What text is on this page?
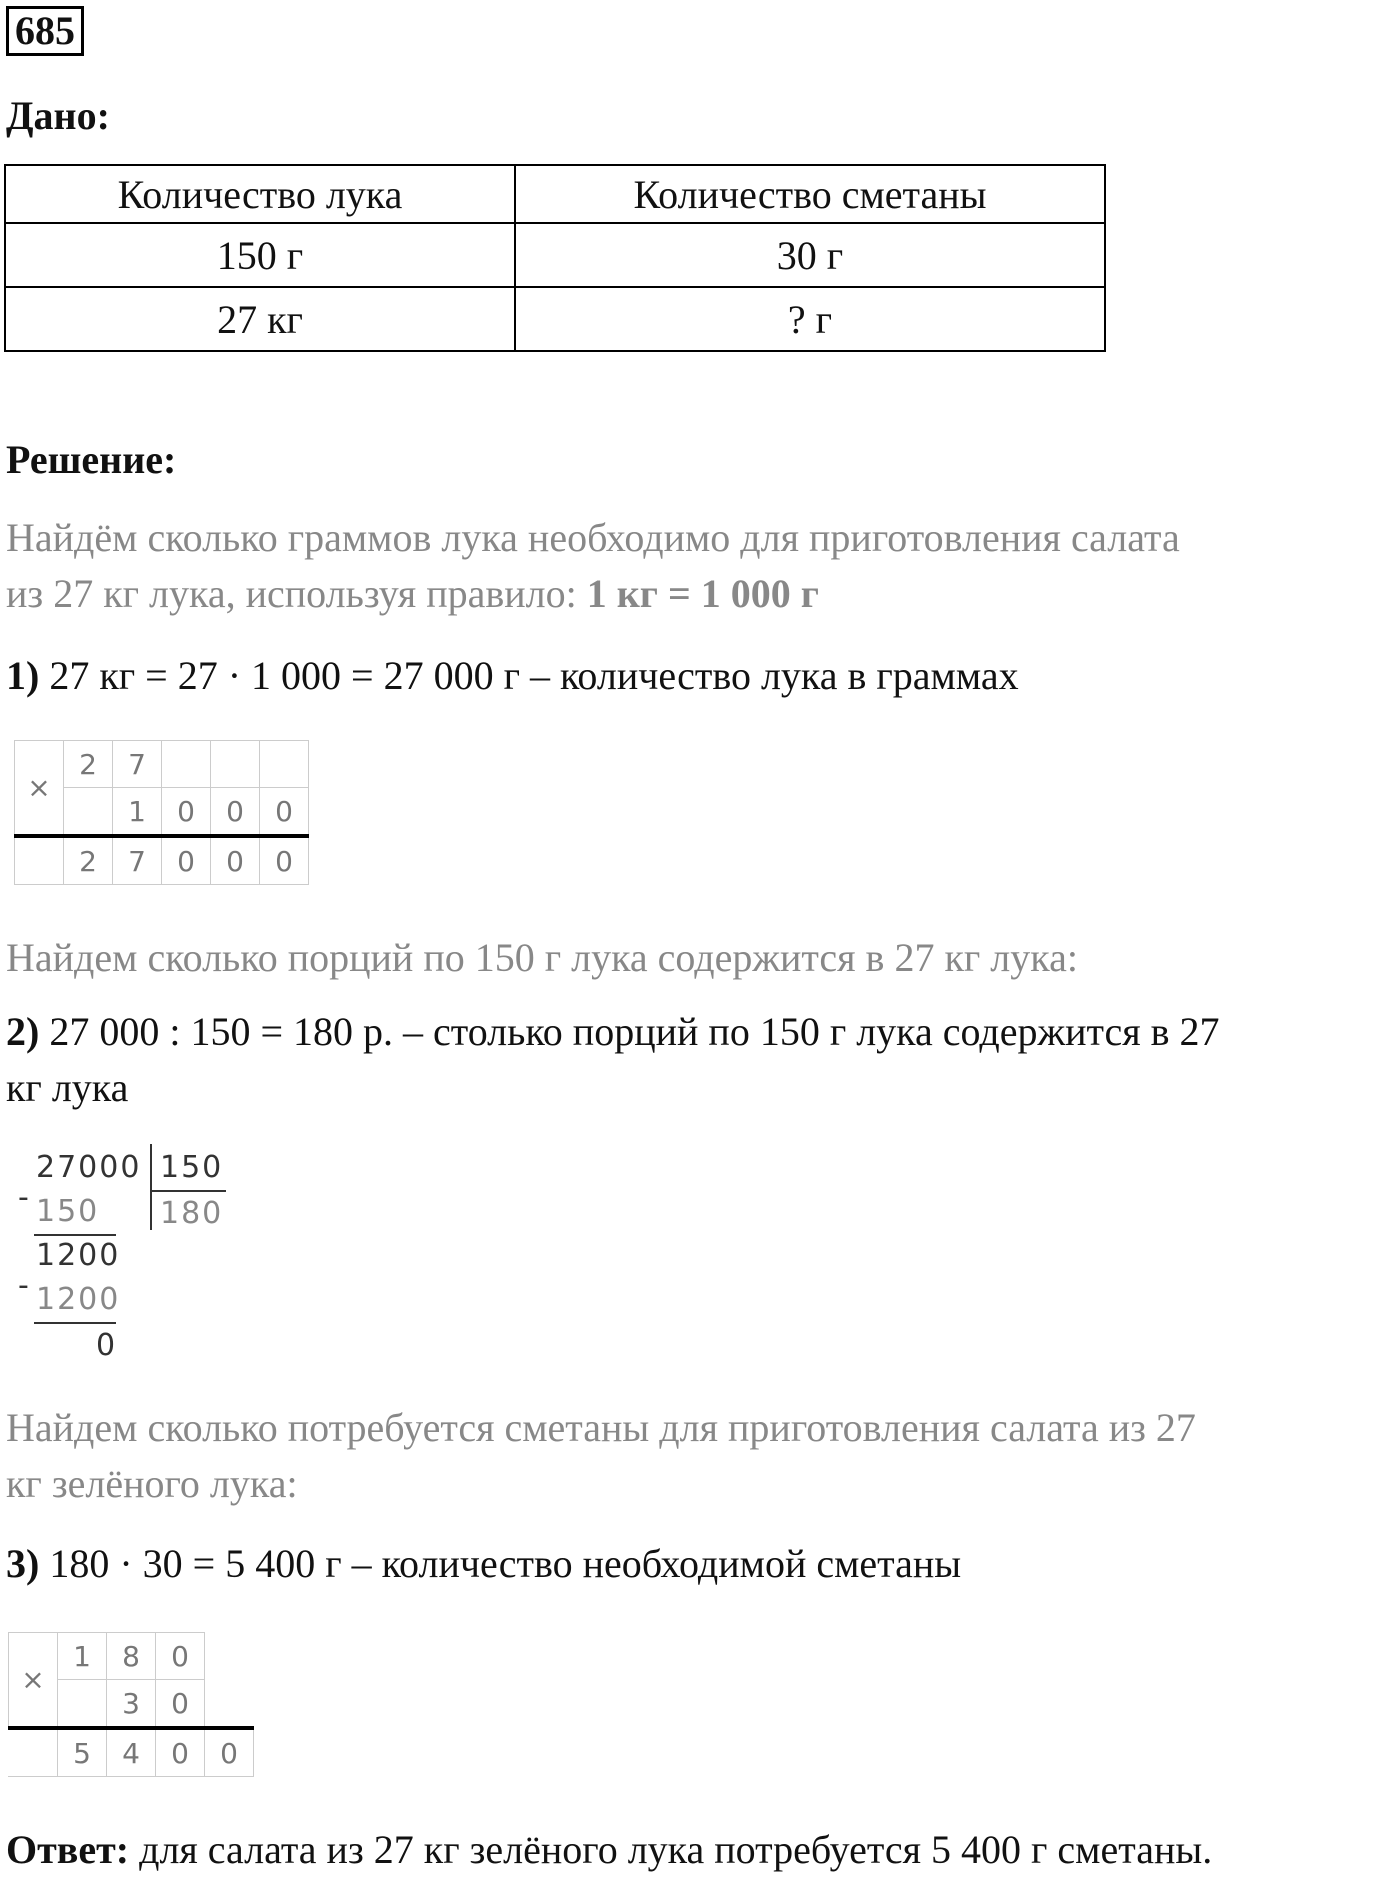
685
Дано:
Количество лука	Количество сметаны
150 г	30 г
27 кг	? г
Решение:
Найдём сколько граммов лука необходимо для приготовления салата
из 27 кг лука, используя правило: 1 кг = 1 000 г
1) 27 кг = 27 · 1 000 = 27 000 г – количество лука в граммах
×	2	7			
		1	0	0	0
	2	7	0	0	0
Найдем сколько порций по 150 г лука содержится в 27 кг лука:
2) 27 000 : 150 = 180 р. – столько порций по 150 г лука содержится в 27
кг лука
27000 150
180
- 150
1200
- 1200
0
Найдем сколько потребуется сметаны для приготовления салата из 27
кг зелёного лука:
3) 180 · 30 = 5 400 г – количество необходимой сметаны
×	1	8	0	
		3	0	
	5	4	0	0
Ответ: для салата из 27 кг зелёного лука потребуется 5 400 г сметаны.
